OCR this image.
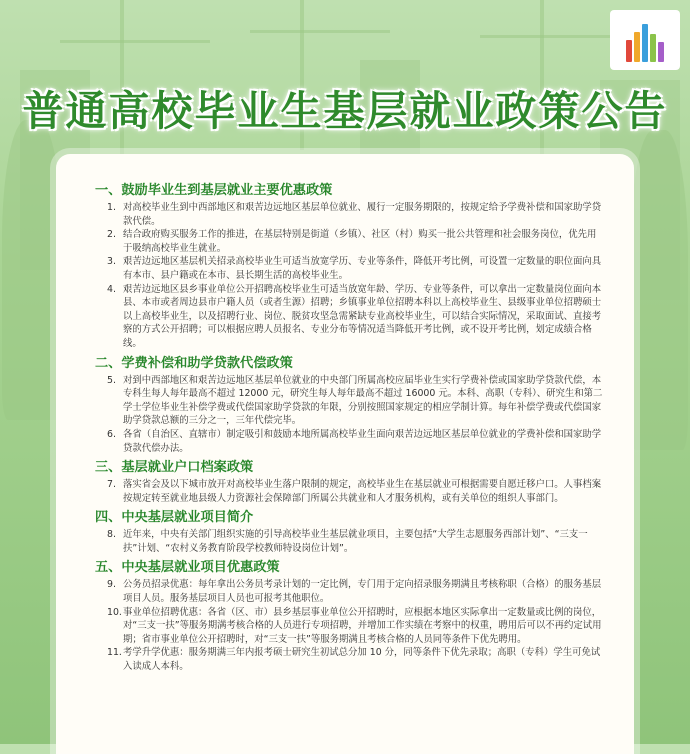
普通高校毕业生基层就业政策公告
一、鼓励毕业生到基层就业主要优惠政策
1. 对高校毕业生到中西部地区和艰苦边远地区基层单位就业、履行一定服务期限的，按规定给予学费补偿和国家助学贷款代偿。
2. 结合政府购买服务工作的推进，在基层特别是街道（乡镇）、社区（村）购买一批公共管理和社会服务岗位，优先用于吸纳高校毕业生就业。
3. 艰苦边远地区基层机关招录高校毕业生可适当放宽学历、专业等条件，降低开考比例，可设置一定数量的职位面向具有本市、县户籍或在本市、县长期生活的高校毕业生。
4. 艰苦边远地区县乡事业单位公开招聘高校毕业生可适当放宽年龄、学历、专业等条件，可以拿出一定数量岗位面向本县、本市或者周边县市户籍人员（或者生源）招聘；乡镇事业单位招聘本科以上高校毕业生、县级事业单位招聘硕士以上高校毕业生，以及招聘行业、岗位、脱贫攻坚急需紧缺专业高校毕业生，可以结合实际情况，采取面试、直接考察的方式公开招聘；可以根据应聘人员报名、专业分布等情况适当降低开考比例，或不设开考比例，划定成绩合格线。
二、学费补偿和助学贷款代偿政策
5. 对到中西部地区和艰苦边远地区基层单位就业的中央部门所属高校应届毕业生实行学费补偿或国家助学贷款代偿，本专科生每人每年最高不超过 12000 元，研究生每人每年最高不超过 16000 元。本科、高职（专科）、研究生和第二学士学位毕业生补偿学费或代偿国家助学贷款的年限，分别按照国家规定的相应学制计算。每年补偿学费或代偿国家助学贷款总额的三分之一，三年代偿完毕。
6. 各省（自治区、直辖市）制定吸引和鼓励本地所属高校毕业生面向艰苦边远地区基层单位就业的学费补偿和国家助学贷款代偿办法。
三、基层就业户口档案政策
7. 落实省会及以下城市放开对高校毕业生落户限制的规定，高校毕业生在基层就业可根据需要自愿迁移户口。人事档案按规定转至就业地县级人力资源社会保障部门所属公共就业和人才服务机构，或有关单位的组织人事部门。
四、中央基层就业项目简介
8. 近年来，中央有关部门组织实施的引导高校毕业生基层就业项目，主要包括“大学生志愿服务西部计划”、“三支一扶”计划、“农村义务教育阶段学校教师特设岗位计划”。
五、中央基层就业项目优惠政策
9. 公务员招录优惠：每年拿出公务员考录计划的一定比例，专门用于定向招录服务期满且考核称职（合格）的服务基层项目人员。服务基层项目人员也可报考其他职位。
10. 事业单位招聘优惠：各省（区、市）县乡基层事业单位公开招聘时，应根据本地区实际拿出一定数量或比例的岗位，对“三支一扶”等服务期满考核合格的人员进行专项招聘，并增加工作实绩在考察中的权重，聘用后可以不再约定试用期；省市事业单位公开招聘时，对“三支一扶”等服务期满且考核合格的人员同等条件下优先聘用。
11. 考学升学优惠：服务期满三年内报考硕士研究生初试总分加 10 分，同等条件下优先录取；高职（专科）学生可免试入读成人本科。
